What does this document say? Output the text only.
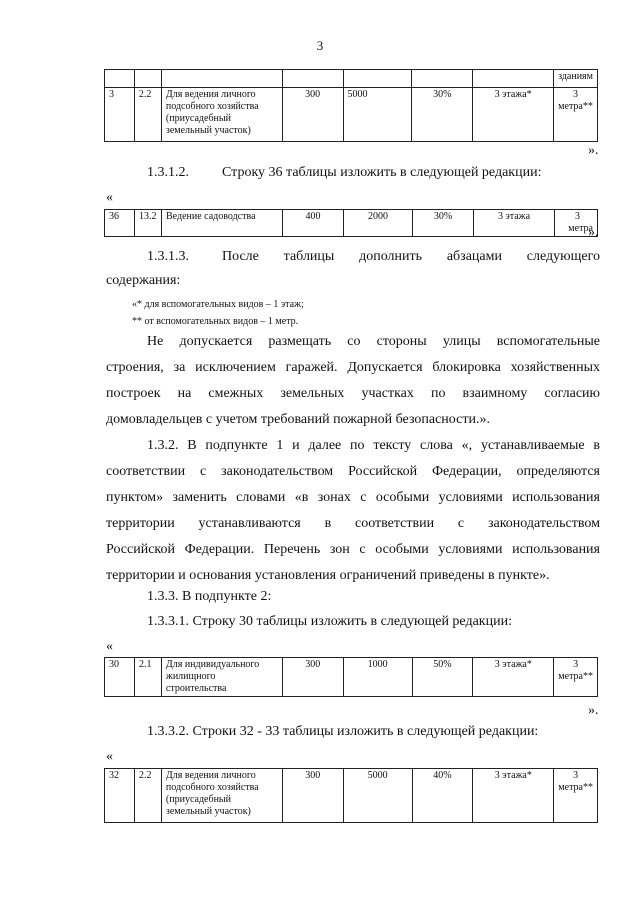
3
							зданиям
3	2.2	Для ведения личного подсобного хозяйства (приусадебный земельный участок)	300	5000	30%	3 этажа*	3 метра**
».
1.3.1.2. Строку 36 таблицы изложить в следующей редакции:
«
36	13.2	Ведение садоводства	400	2000	30%	3 этажа	3
метра
».
1.3.1.3. После таблицы дополнить абзацами следующего
содержания:
«* для вспомогательных видов – 1 этаж;
** от вспомогательных видов – 1 метр.
Не допускается размещать со стороны улицы вспомогательные
строения, за исключением гаражей. Допускается блокировка хозяйственных
построек на смежных земельных участках по взаимному согласию
домовладельцев с учетом требований пожарной безопасности.».
1.3.2. В подпункте 1 и далее по тексту слова «, устанавливаемые в
соответствии с законодательством Российской Федерации, определяются
пунктом» заменить словами «в зонах с особыми условиями использования
территории устанавливаются в соответствии с законодательством
Российской Федерации. Перечень зон с особыми условиями использования
территории и основания установления ограничений приведены в пункте».
1.3.3. В подпункте 2:
1.3.3.1. Строку 30 таблицы изложить в следующей редакции:
«
30	2.1	Для индивидуального жилищного строительства	300	1000	50%	3 этажа*	3 метра**
».
1.3.3.2. Строки 32 - 33 таблицы изложить в следующей редакции:
«
32	2.2	Для ведения личного подсобного хозяйства (приусадебный земельный участок)	300	5000	40%	3 этажа*	3 метра**
